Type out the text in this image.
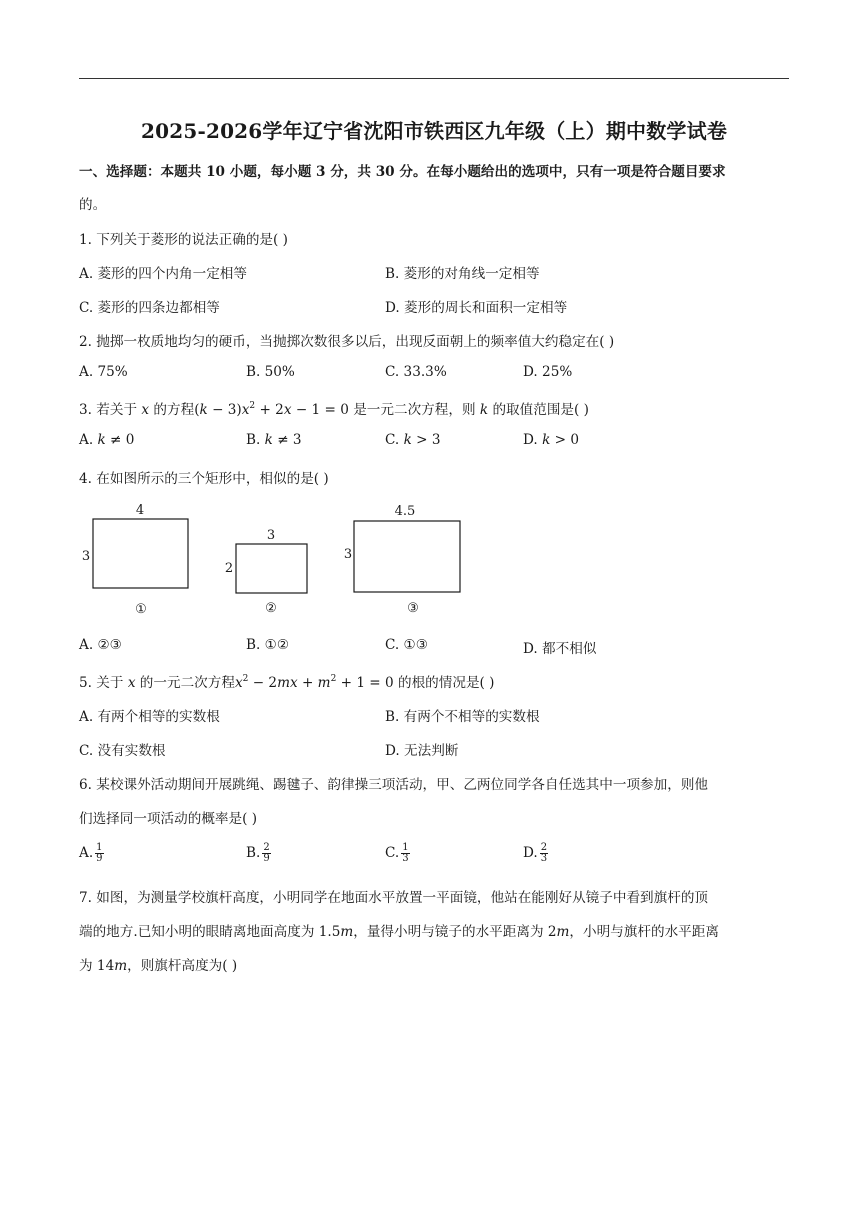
2025-2026学年辽宁省沈阳市铁西区九年级（上）期中数学试卷
一、选择题：本题共 10 小题，每小题 3 分，共 30 分。在每小题给出的选项中，只有一项是符合题目要求
的。
1. 下列关于菱形的说法正确的是( )
A. 菱形的四个内角一定相等	B. 菱形的对角线一定相等
C. 菱形的四条边都相等	D. 菱形的周长和面积一定相等
2. 抛掷一枚质地均匀的硬币，当抛掷次数很多以后，出现反面朝上的频率值大约稳定在( )
A. 75%	B. 50%	C. 33.3%	D. 25%
3. 若关于 x 的方程$(k - 3)x^2 + 2x - 1 = 0$ 是一元二次方程，则 k 的取值范围是( )
A. k ≠ 0	B. k ≠ 3	C. k > 3	D. k > 0
4. 在如图所示的三个矩形中，相似的是( )
4
3
①
3
2
②
4.5
3
③
A. ②③	B. ①②	C. ①③	D. 都不相似
5. 关于 x 的一元二次方程$x^2 - 2mx + m^2 + 1 = 0$ 的根的情况是( )
A. 有两个相等的实数根	B. 有两个不相等的实数根
C. 没有实数根	D. 无法判断
6. 某校课外活动期间开展跳绳、踢毽子、韵律操三项活动，甲、乙两位同学各自任选其中一项参加，则他
们选择同一项活动的概率是( )
A. $\frac{1}{9}$	B. $\frac{2}{9}$	C. $\frac{1}{3}$	D. $\frac{2}{3}$
7. 如图，为测量学校旗杆高度，小明同学在地面水平放置一平面镜，他站在能刚好从镜子中看到旗杆的顶
端的地方.已知小明的眼睛离地面高度为 1.5m，量得小明与镜子的水平距离为 2m，小明与旗杆的水平距离
为 14m，则旗杆高度为( )
